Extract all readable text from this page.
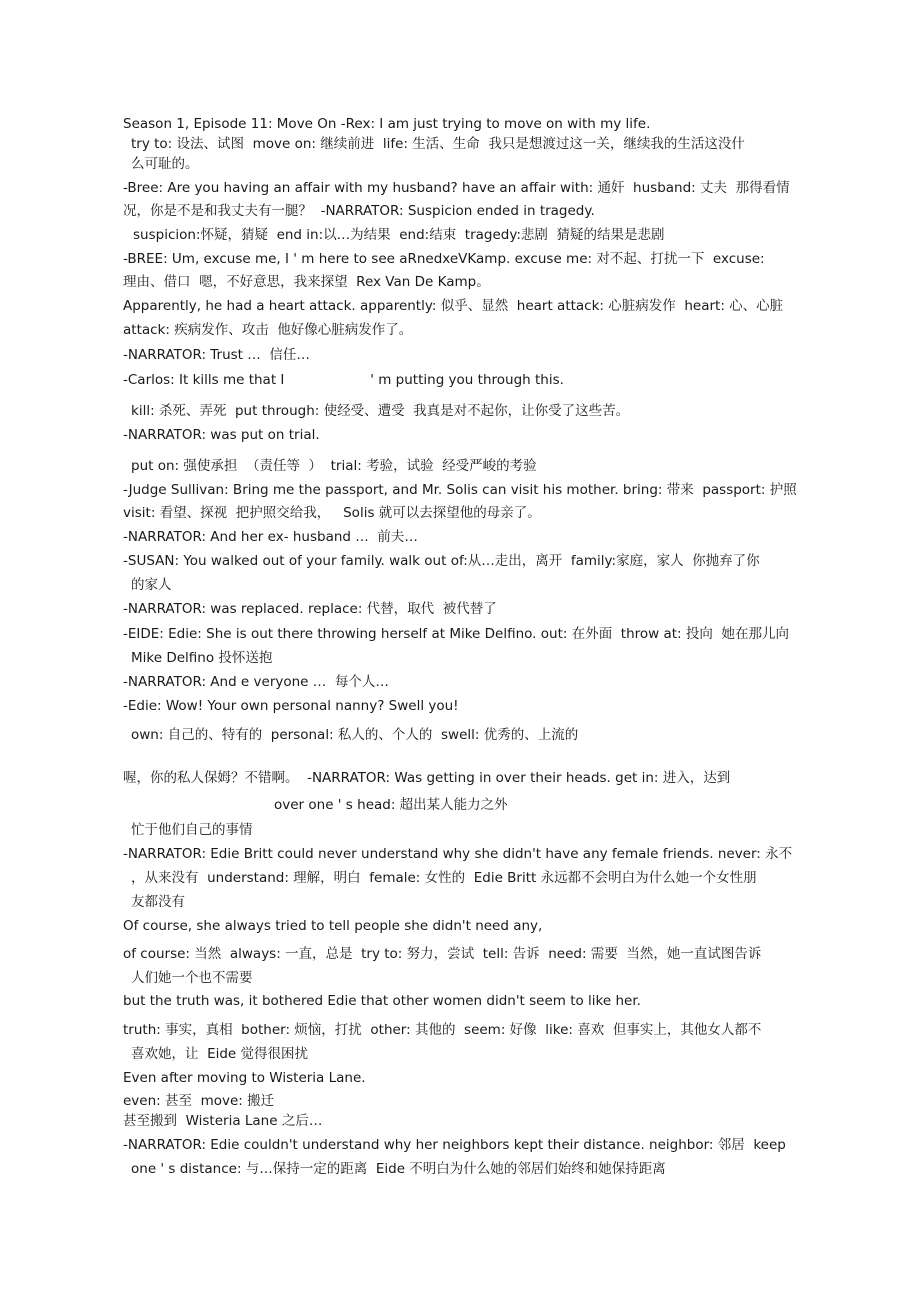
Season 1, Episode 11: Move On -Rex: I am just trying to move on with my life.
try to: 设法、试图  move on: 继续前进  life: 生活、生命  我只是想渡过这一关，继续我的生活这没什
么可耻的。
-Bree: Are you having an affair with my husband? have an affair with: 通奸  husband: 丈夫  那得看情
况，你是不是和我丈夫有一腿？  -NARRATOR: Suspicion ended in tragedy.
suspicion:怀疑，猜疑  end in:以…为结果  end:结束  tragedy:悲剧  猜疑的结果是悲剧
-BREE: Um, excuse me, I ' m here to see aRnedxeVKamp. excuse me: 对不起、打扰一下  excuse:
理由、借口  嗯，不好意思，我来探望  Rex Van De Kamp。
Apparently, he had a heart attack. apparently: 似乎、显然  heart attack: 心脏病发作  heart: 心、心脏
attack: 疾病发作、攻击  他好像心脏病发作了。
-NARRATOR: Trust …  信任…
-Carlos: It kills me that I                    ' m putting you through this.
kill: 杀死、弄死  put through: 使经受、遭受  我真是对不起你，让你受了这些苦。
-NARRATOR: was put on trial.
put on: 强使承担  （责任等  ）  trial: 考验，试验  经受严峻的考验
-Judge Sullivan: Bring me the passport, and Mr. Solis can visit his mother. bring: 带来  passport: 护照
visit: 看望、探视  把护照交给我，   Solis 就可以去探望他的母亲了。
-NARRATOR: And her ex- husband …  前夫…
-SUSAN: You walked out of your family. walk out of:从…走出，离开  family:家庭，家人  你抛弃了你
的家人
-NARRATOR: was replaced. replace: 代替，取代  被代替了
-EIDE: Edie: She is out there throwing herself at Mike Delfino. out: 在外面  throw at: 投向  她在那儿向
Mike Delfino 投怀送抱
-NARRATOR: And e veryone …  每个人…
-Edie: Wow! Your own personal nanny? Swell you!
own: 自己的、特有的  personal: 私人的、个人的  swell: 优秀的、上流的
喔，你的私人保姆？不错啊。  -NARRATOR: Was getting in over their heads. get in: 进入，达到
over one ' s head: 超出某人能力之外
忙于他们自己的事情
-NARRATOR: Edie Britt could never understand why she didn't have any female friends. never: 永不
，从来没有  understand: 理解，明白  female: 女性的  Edie Britt 永远都不会明白为什么她一个女性朋
友都没有
Of course, she always tried to tell people she didn't need any,
of course: 当然  always: 一直，总是  try to: 努力，尝试  tell: 告诉  need: 需要  当然，她一直试图告诉
人们她一个也不需要
but the truth was, it bothered Edie that other women didn't seem to like her.
truth: 事实，真相  bother: 烦恼，打扰  other: 其他的  seem: 好像  like: 喜欢  但事实上，其他女人都不
喜欢她，让  Eide 觉得很困扰
Even after moving to Wisteria Lane.
even: 甚至  move: 搬迁
甚至搬到  Wisteria Lane 之后…
-NARRATOR: Edie couldn't understand why her neighbors kept their distance. neighbor: 邻居  keep
one ' s distance: 与…保持一定的距离  Eide 不明白为什么她的邻居们始终和她保持距离
